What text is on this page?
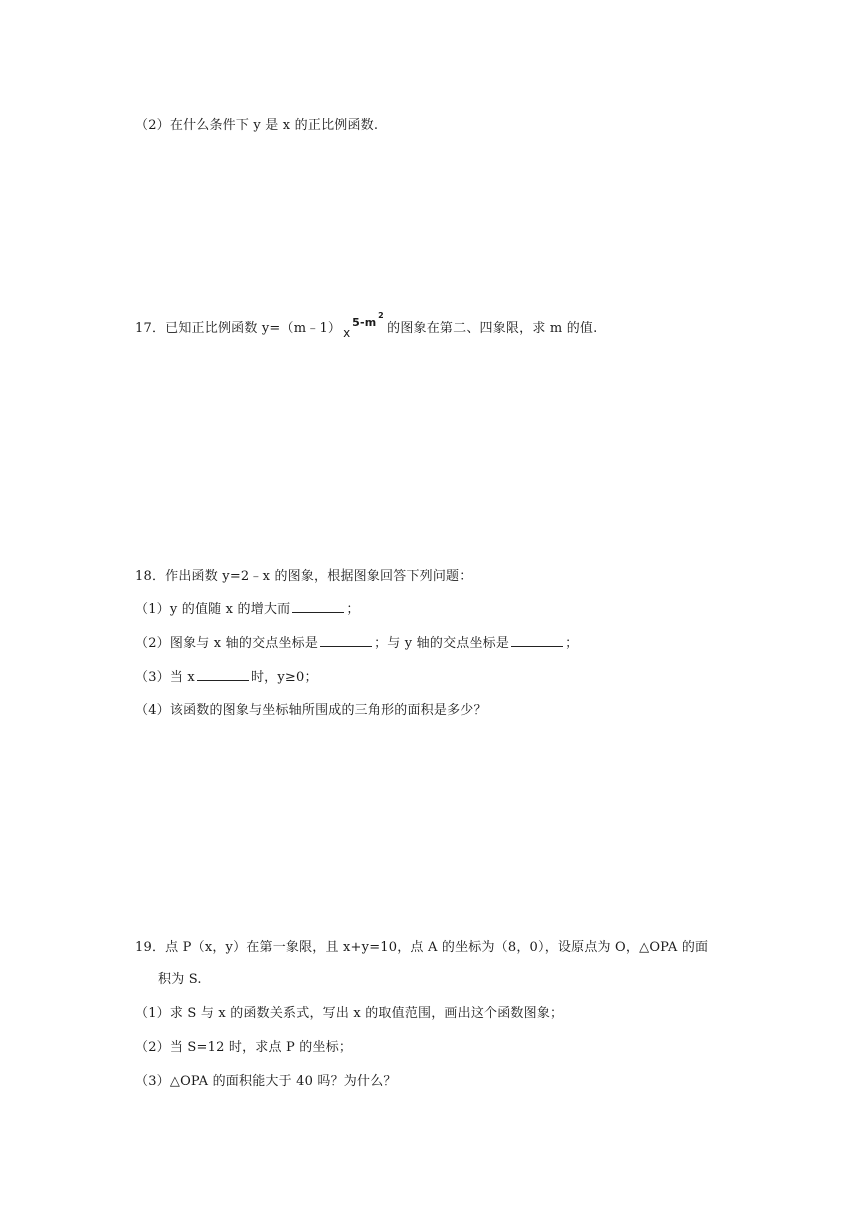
（2）在什么条件下 y 是 x 的正比例函数.
17．已知正比例函数 y=（m﹣1） x
5-m
2
的图象在第二、四象限，求 m 的值.
18．作出函数 y=2﹣x 的图象，根据图象回答下列问题：
（1）y 的值随 x 的增大而	；
（2）图象与 x 轴的交点坐标是	；与 y 轴的交点坐标是	；
（3）当 x	时，y≥0；
（4）该函数的图象与坐标轴所围成的三角形的面积是多少？
19．点 P（x，y）在第一象限，且 x+y=10，点 A 的坐标为（8，0），设原点为 O，△OPA 的面
积为 S.
（1）求 S 与 x 的函数关系式，写出 x 的取值范围，画出这个函数图象；
（2）当 S=12 时，求点 P 的坐标；
（3）△OPA 的面积能大于 40 吗？为什么？
